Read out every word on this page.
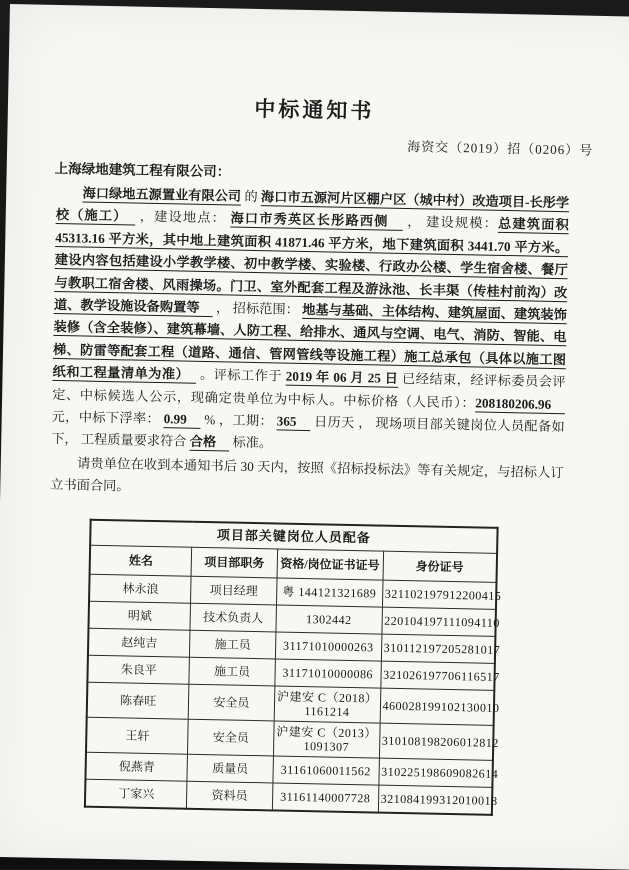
中标通知书
海资交（2019）招（0206）号
上海绿地建筑工程有限公司：

海口绿地五源置业有限公司 的 海口市五源河片区棚户区（城中村）改造项目-长彤学校（施工）　 ，建设地点： 海口市秀英区长彤路西侧　 ， 建设规模：总建筑面积 45313.16 平方米，其中地上建筑面积 41871.46 平方米，地下建筑面积 3441.70 平方米。建设内容包括建设小学教学楼、初中教学楼、实验楼、行政办公楼、学生宿舍楼、餐厅与教职工宿舍楼、风雨操场。门卫、室外配套工程及游泳池、长丰渠（传桂村前沟）改道、教学设施设备购置等　 ， 招标范围： 地基与基础、主体结构、建筑屋面、建筑装饰装修（含全装修）、建筑幕墙、人防工程、给排水、通风与空调、电气、消防、智能、电梯、防雷等配套工程（道路、通信、管网管线等设施工程）施工总承包（具体以施工图纸和工程量清单为准）　 。评标工作于 2019 年 06 月 25 日 已经结束，经评标委员会评定、中标候选人公示，现确定贵单位为中标人。中标价格（人民币）：208180206.96　 元，中标下浮率： 0.99　 % ，工期： 365　 日历天 ， 现场项目部关键岗位人员配备如下， 工程质量要求符合 合格　 标准。

请贵单位在收到本通知书后 30 天内，按照《招标投标法》等有关规定，与招标人订立书面合同。

项目部关键岗位人员配备			
姓名	项目部职务	资格/岗位证书证号	身份证号
林永浪	项目经理	粤 144121321689	321102197912200415
明斌	技术负责人	1302442	220104197111094110
赵纯吉	施工员	31171010000263	310112197205281017
朱良平	施工员	31171010000086	321026197706116517
陈春旺	安全员	沪建安 C（2018）
1161214	460028199102130010
王轩	安全员	沪建安 C（2013）
1091307	310108198206012812
倪燕青	质量员	31161060011562	310225198609082614
丁家兴	资料员	31161140007728	321084199312010018
